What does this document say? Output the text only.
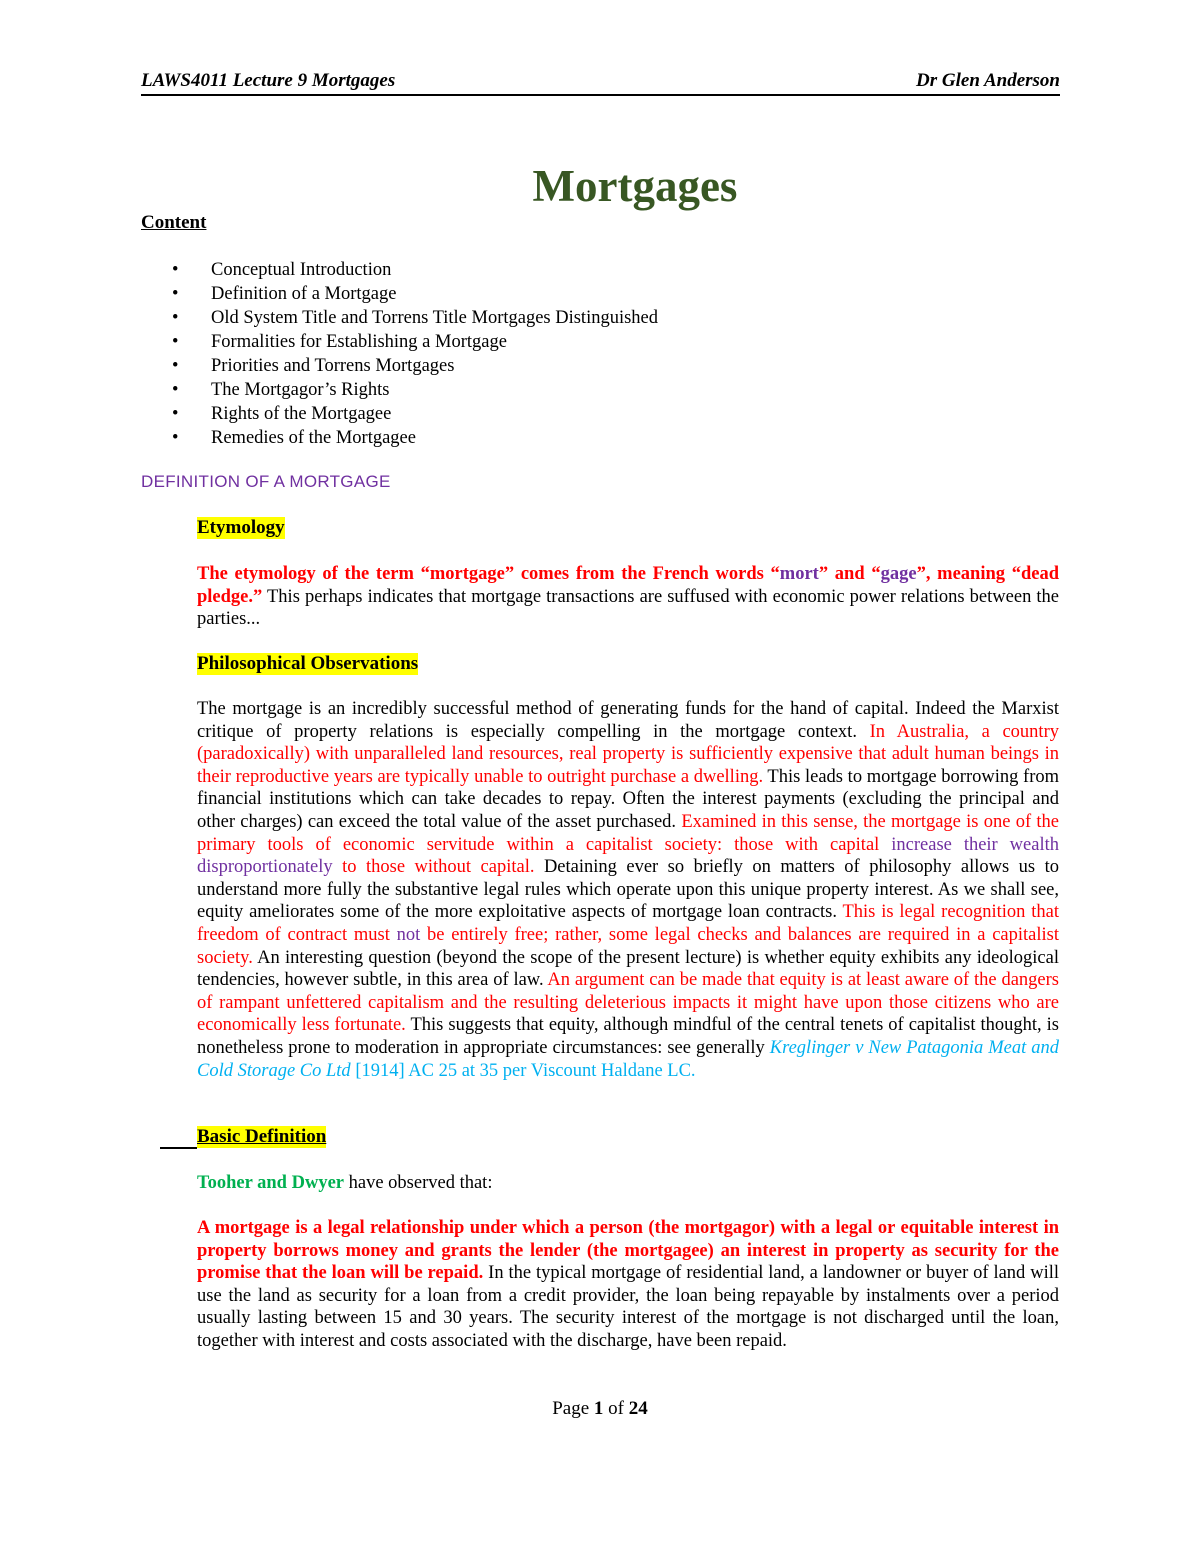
LAWS4011 Lecture 9 Mortgages	Dr Glen Anderson
Mortgages
Content
• Conceptual Introduction
• Definition of a Mortgage
• Old System Title and Torrens Title Mortgages Distinguished
• Formalities for Establishing a Mortgage
• Priorities and Torrens Mortgages
• The Mortgagor’s Rights
• Rights of the Mortgagee
• Remedies of the Mortgagee
DEFINITION OF A MORTGAGE
Etymology
The etymology of the term “mortgage” comes from the French words “mort” and “gage”, meaning “dead pledge.” This perhaps indicates that mortgage transactions are suffused with economic power relations between the parties...
Philosophical Observations
The mortgage is an incredibly successful method of generating funds for the hand of capital. Indeed the Marxist critique of property relations is especially compelling in the mortgage context. In Australia, a country (paradoxically) with unparalleled land resources, real property is sufficiently expensive that adult human beings in their reproductive years are typically unable to outright purchase a dwelling. This leads to mortgage borrowing from financial institutions which can take decades to repay. Often the interest payments (excluding the principal and other charges) can exceed the total value of the asset purchased. Examined in this sense, the mortgage is one of the primary tools of economic servitude within a capitalist society: those with capital increase their wealth disproportionately to those without capital. Detaining ever so briefly on matters of philosophy allows us to understand more fully the substantive legal rules which operate upon this unique property interest. As we shall see, equity ameliorates some of the more exploitative aspects of mortgage loan contracts. This is legal recognition that freedom of contract must not be entirely free; rather, some legal checks and balances are required in a capitalist society. An interesting question (beyond the scope of the present lecture) is whether equity exhibits any ideological tendencies, however subtle, in this area of law. An argument can be made that equity is at least aware of the dangers of rampant unfettered capitalism and the resulting deleterious impacts it might have upon those citizens who are economically less fortunate. This suggests that equity, although mindful of the central tenets of capitalist thought, is nonetheless prone to moderation in appropriate circumstances: see generally Kreglinger v New Patagonia Meat and Cold Storage Co Ltd [1914] AC 25 at 35 per Viscount Haldane LC.
Basic Definition
Tooher and Dwyer have observed that:
A mortgage is a legal relationship under which a person (the mortgagor) with a legal or equitable interest in property borrows money and grants the lender (the mortgagee) an interest in property as security for the promise that the loan will be repaid. In the typical mortgage of residential land, a landowner or buyer of land will use the land as security for a loan from a credit provider, the loan being repayable by instalments over a period usually lasting between 15 and 30 years. The security interest of the mortgage is not discharged until the loan, together with interest and costs associated with the discharge, have been repaid.
Page 1 of 24
